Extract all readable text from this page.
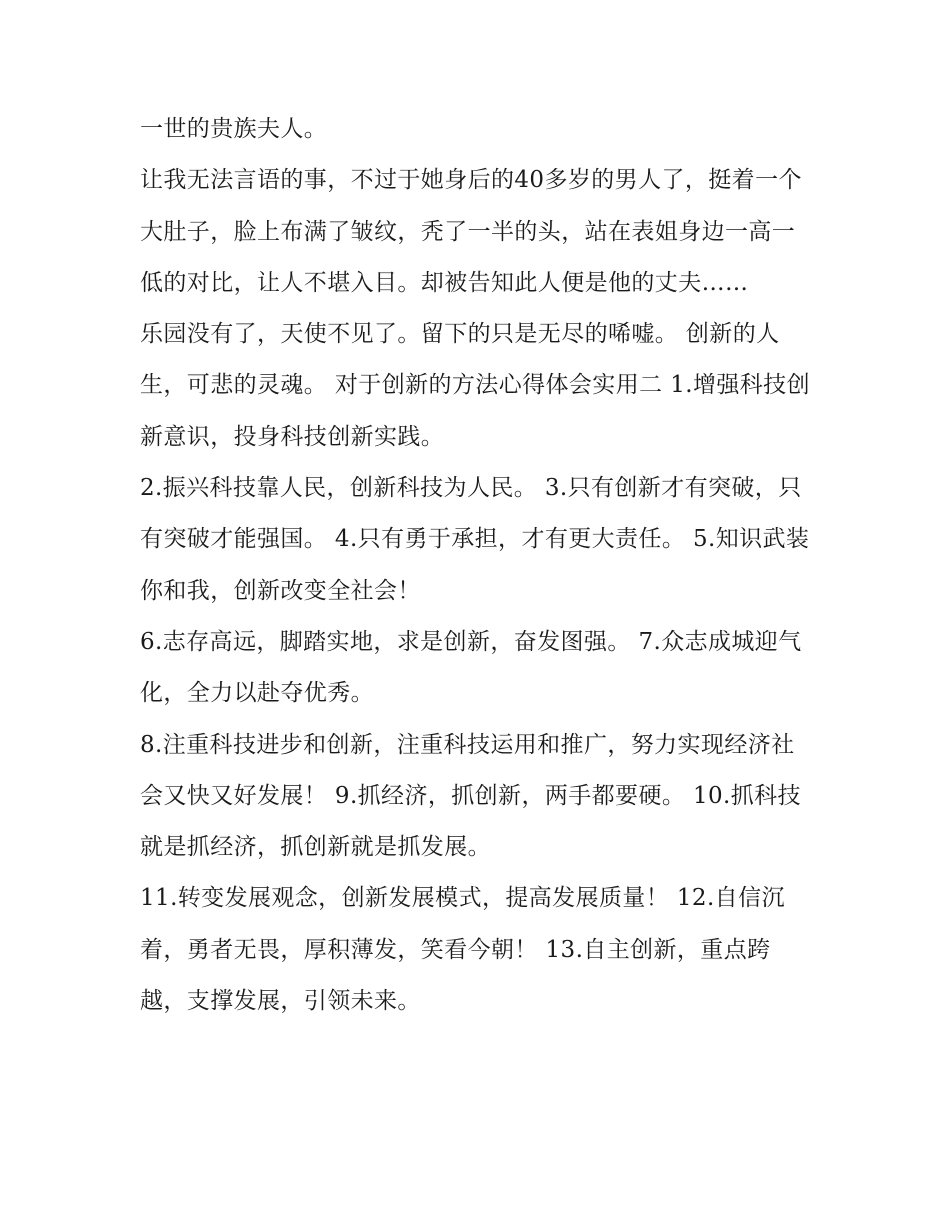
一世的贵族夫人。

让我无法言语的事，不过于她身后的40多岁的男人了，挺着一个大肚子，脸上布满了皱纹，秃了一半的头，站在表姐身边一高一低的对比，让人不堪入目。却被告知此人便是他的丈夫……

乐园没有了，天使不见了。留下的只是无尽的唏嘘。 创新的人生，可悲的灵魂。 对于创新的方法心得体会实用二 1.增强科技创新意识，投身科技创新实践。

2.振兴科技靠人民，创新科技为人民。 3.只有创新才有突破，只有突破才能强国。 4.只有勇于承担，才有更大责任。 5.知识武装你和我，创新改变全社会！

6.志存高远，脚踏实地，求是创新，奋发图强。 7.众志成城迎气化，全力以赴夺优秀。

8.注重科技进步和创新，注重科技运用和推广，努力实现经济社会又快又好发展！ 9.抓经济，抓创新，两手都要硬。 10.抓科技就是抓经济，抓创新就是抓发展。

11.转变发展观念，创新发展模式，提高发展质量！ 12.自信沉着，勇者无畏，厚积薄发，笑看今朝！ 13.自主创新，重点跨越，支撑发展，引领未来。
